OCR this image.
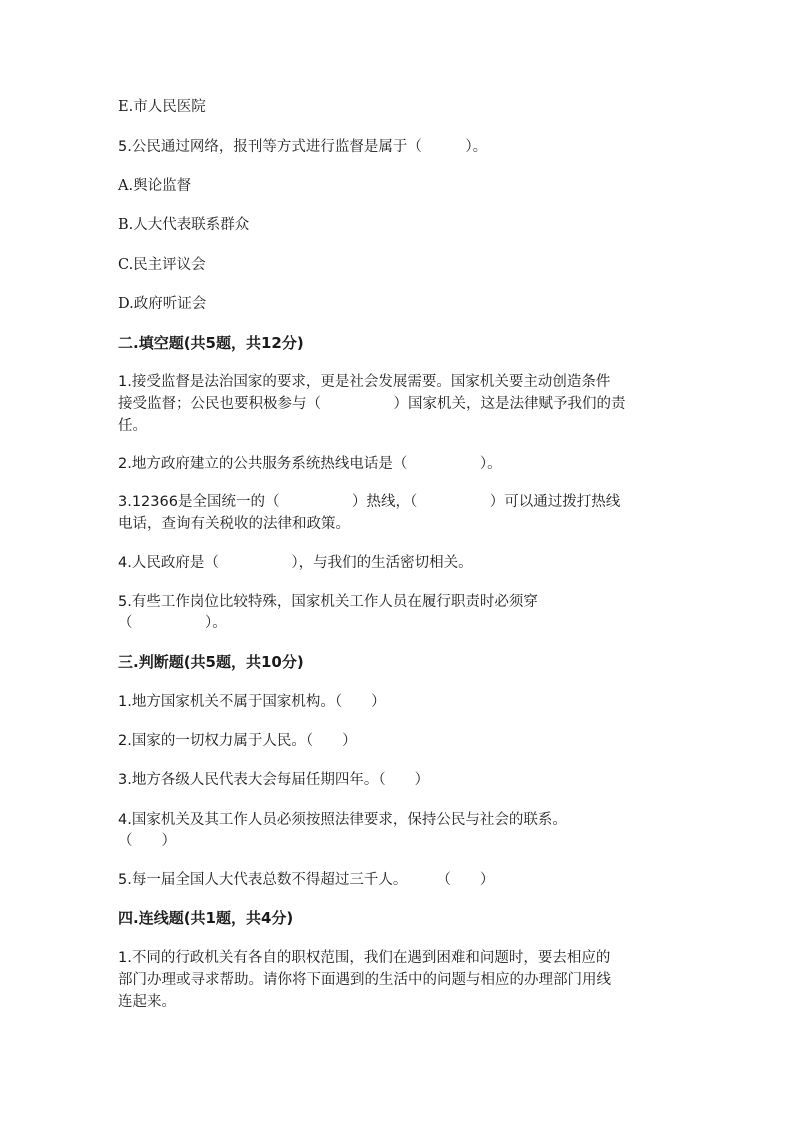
E.市人民医院
5.公民通过网络，报刊等方式进行监督是属于（　　　）。
A.舆论监督
B.人大代表联系群众
C.民主评议会
D.政府听证会
二.填空题(共5题，共12分)
1.接受监督是法治国家的要求，更是社会发展需要。国家机关要主动创造条件
接受监督；公民也要积极参与（　　　　　）国家机关，这是法律赋予我们的责
任。
2.地方政府建立的公共服务系统热线电话是（　　　　　）。
3.12366是全国统一的（　　　　　）热线，（　　　　　）可以通过拨打热线
电话，查询有关税收的法律和政策。
4.人民政府是（　　　　　），与我们的生活密切相关。
5.有些工作岗位比较特殊，国家机关工作人员在履行职责时必须穿
（　　　　　）。
三.判断题(共5题，共10分)
1.地方国家机关不属于国家机构。（　　）
2.国家的一切权力属于人民。（　　）
3.地方各级人民代表大会每届任期四年。（　　）
4.国家机关及其工作人员必须按照法律要求，保持公民与社会的联系。
（　　）
5.每一届全国人大代表总数不得超过三千人。　　　（　　）
四.连线题(共1题，共4分)
1.不同的行政机关有各自的职权范围，我们在遇到困难和问题时，要去相应的
部门办理或寻求帮助。请你将下面遇到的生活中的问题与相应的办理部门用线
连起来。
